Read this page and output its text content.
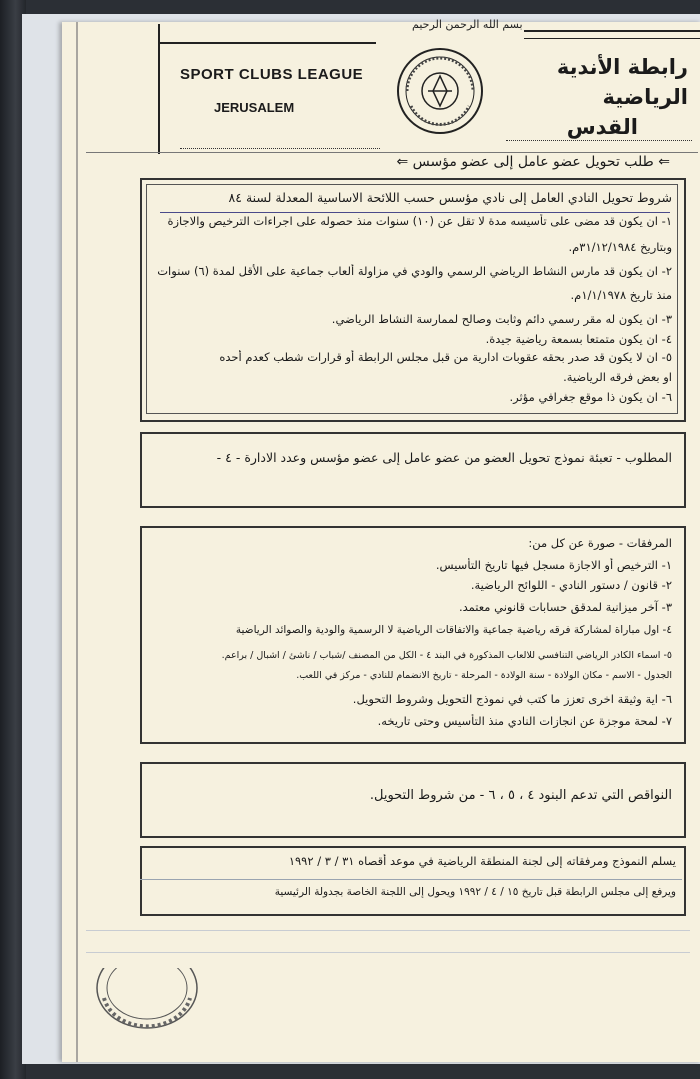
بسم الله الرحمن الرحيم
SPORT CLUBS LEAGUE
JERUSALEM
رابطة الأندية الرياضية
القدس
⇐ طلب تحويل عضو عامل إلى عضو مؤسس ⇐
شروط تحويل النادي العامل إلى نادي مؤسس حسب اللائحة الاساسية المعدلة لسنة ٨٤
١- ان يكون قد مضى على تأسيسه مدة لا تقل عن (١٠) سنوات منذ حصوله على اجراءات الترخيص والاجازة
وبتاريخ ٣١/١٢/١٩٨٤م.
٢- ان يكون قد مارس النشاط الرياضي الرسمي والودي في مزاولة ألعاب جماعية على الأقل لمدة (٦) سنوات
منذ تاريخ ١/١/١٩٧٨م.
٣- ان يكون له مقر رسمي دائم وثابت وصالح لممارسة النشاط الرياضي.
٤- ان يكون متمتعا بسمعة رياضية جيدة.
٥- ان لا يكون قد صدر بحقه عقوبات ادارية من قبل مجلس الرابطة أو قرارات شطب كعدم أحده
او بعض فرقه الرياضية.
٦- ان يكون ذا موقع جغرافي مؤثر.
المطلوب - تعبئة نموذج تحويل العضو من عضو عامل إلى عضو مؤسس وعدد الادارة - ٤ -
المرفقات - صورة عن كل من:
١- الترخيص أو الاجازة مسجل فيها تاريخ التأسيس.
٢- قانون / دستور النادي - اللوائح الرياضية.
٣- آخر ميزانية لمدقق حسابات قانوني معتمد.
٤- اول مباراة لمشاركة فرقه رياضية جماعية والاتفاقات الرياضية لا الرسمية والودية والصوائد الرياضية
٥- اسماء الكادر الرياضي التنافسي للالعاب المذكورة في البند ٤ - الكل من المصنف /شباب / ناشئ / اشبال / براعم.
الجدول - الاسم - مكان الولادة - سنة الولادة - المرحلة - تاريخ الانضمام للنادي - مركز في اللعب.
٦- اية وثيقة اخرى تعزز ما كتب في نموذج التحويل وشروط التحويل.
٧- لمحة موجزة عن انجازات النادي منذ التأسيس وحتى تاريخه.
النواقص التي تدعم البنود ٤ ، ٥ ، ٦ - من شروط التحويل.
يسلم النموذج ومرفقاته إلى لجنة المنطقة الرياضية في موعد أقصاه ٣١ / ٣ / ١٩٩٢
ويرفع إلى مجلس الرابطة قبل تاريخ ١٥ / ٤ / ١٩٩٢ ويحول إلى اللجنة الخاصة بجدولة الرئيسية
